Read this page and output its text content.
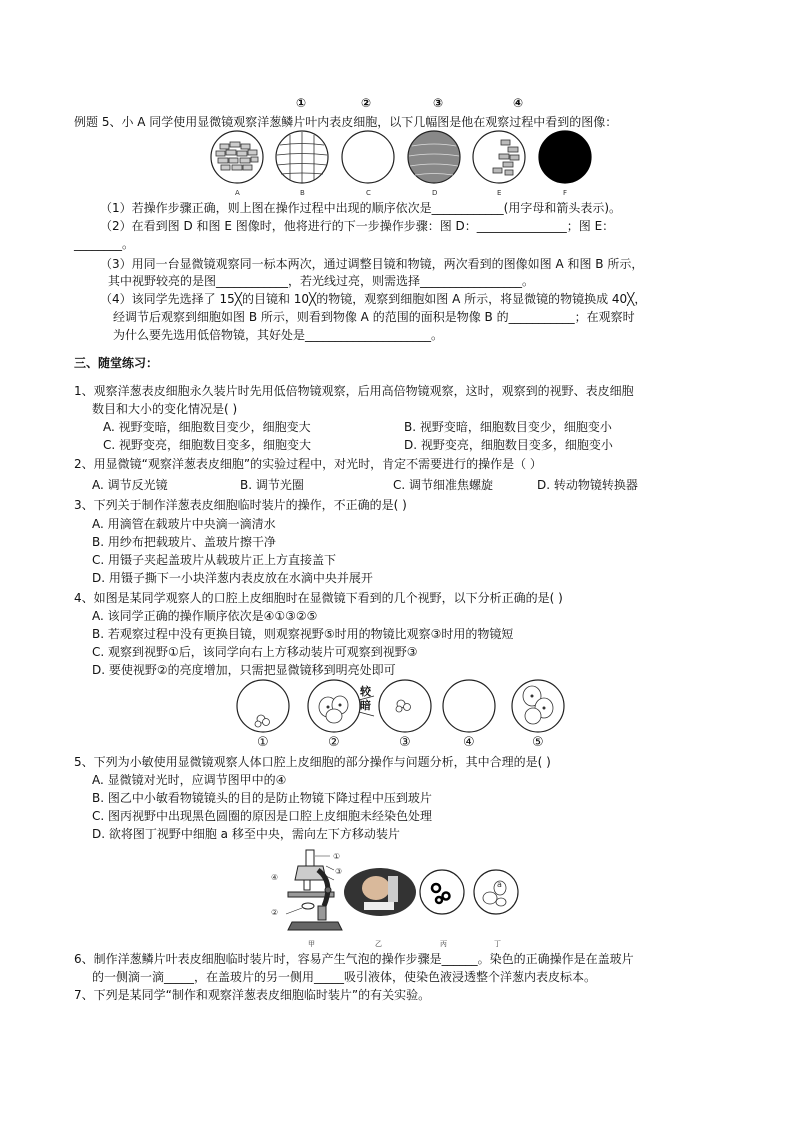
①	②	③	④
例题 5、小 A 同学使用显微镜观察洋葱鳞片叶内表皮细胞，以下几幅图是他在观察过程中看到的图像：
A	B	C	D	E	F
（1）若操作步骤正确，则上图在操作过程中出现的顺序依次是____________(用字母和箭头表示)。
（2）在看到图 D 和图 E 图像时，他将进行的下一步操作步骤：图 D：_______________；图 E：
________。
（3）用同一台显微镜观察同一标本两次，通过调整目镜和物镜，两次看到的图像如图 A 和图 B 所示，
其中视野较亮的是图____________，若光线过亮，则需选择_________________。
（4）该同学先选择了 15╳的目镜和 10╳的物镜，观察到细胞如图 A 所示，将显微镜的物镜换成 40╳，
经调节后观察到细胞如图 B 所示，则看到物像 A 的范围的面积是物像 B 的___________；在观察时
为什么要先选用低倍物镜，其好处是_____________________。
三、随堂练习：
1、观察洋葱表皮细胞永久装片时先用低倍物镜观察，后用高倍物镜观察，这时，观察到的视野、表皮细胞
数目和大小的变化情况是( )
A. 视野变暗，细胞数目变少，细胞变大	B. 视野变暗，细胞数目变少，细胞变小
C. 视野变亮，细胞数目变多，细胞变大	D. 视野变亮，细胞数目变多，细胞变小
2、用显微镜“观察洋葱表皮细胞”的实验过程中，对光时，肯定不需要进行的操作是（ ）
A. 调节反光镜	B. 调节光圈	C. 调节细准焦螺旋	D. 转动物镜转换器
3、下列关于制作洋葱表皮细胞临时装片的操作，不正确的是( )
A. 用滴管在载玻片中央滴一滴清水
B. 用纱布把载玻片、盖玻片擦干净
C. 用镊子夹起盖玻片从载玻片正上方直接盖下
D. 用镊子撕下一小块洋葱内表皮放在水滴中央并展开
4、如图是某同学观察人的口腔上皮细胞时在显微镜下看到的几个视野，以下分析正确的是( )
A. 该同学正确的操作顺序依次是④①③②⑤
B. 若观察过程中没有更换目镜，则观察视野⑤时用的物镜比观察③时用的物镜短
C. 观察到视野①后，该同学向右上方移动装片可观察到视野③
D. 要使视野②的亮度增加，只需把显微镜移到明亮处即可
较
暗
①	②	③	④	⑤
5、下列为小敏使用显微镜观察人体口腔上皮细胞的部分操作与问题分析，其中合理的是( )
A. 显微镜对光时，应调节图甲中的④
B. 图乙中小敏看物镜镜头的目的是防止物镜下降过程中压到玻片
C. 图丙视野中出现黑色圆圈的原因是口腔上皮细胞未经染色处理
D. 欲将图丁视野中细胞 a 移至中央，需向左下方移动装片
④
①
③
②
a
甲	乙	丙	丁
6、制作洋葱鳞片叶表皮细胞临时装片时，容易产生气泡的操作步骤是______。染色的正确操作是在盖玻片
的一侧滴一滴_____，在盖玻片的另一侧用_____吸引液体，使染色液浸透整个洋葱内表皮标本。
7、下列是某同学“制作和观察洋葱表皮细胞临时装片”的有关实验。
